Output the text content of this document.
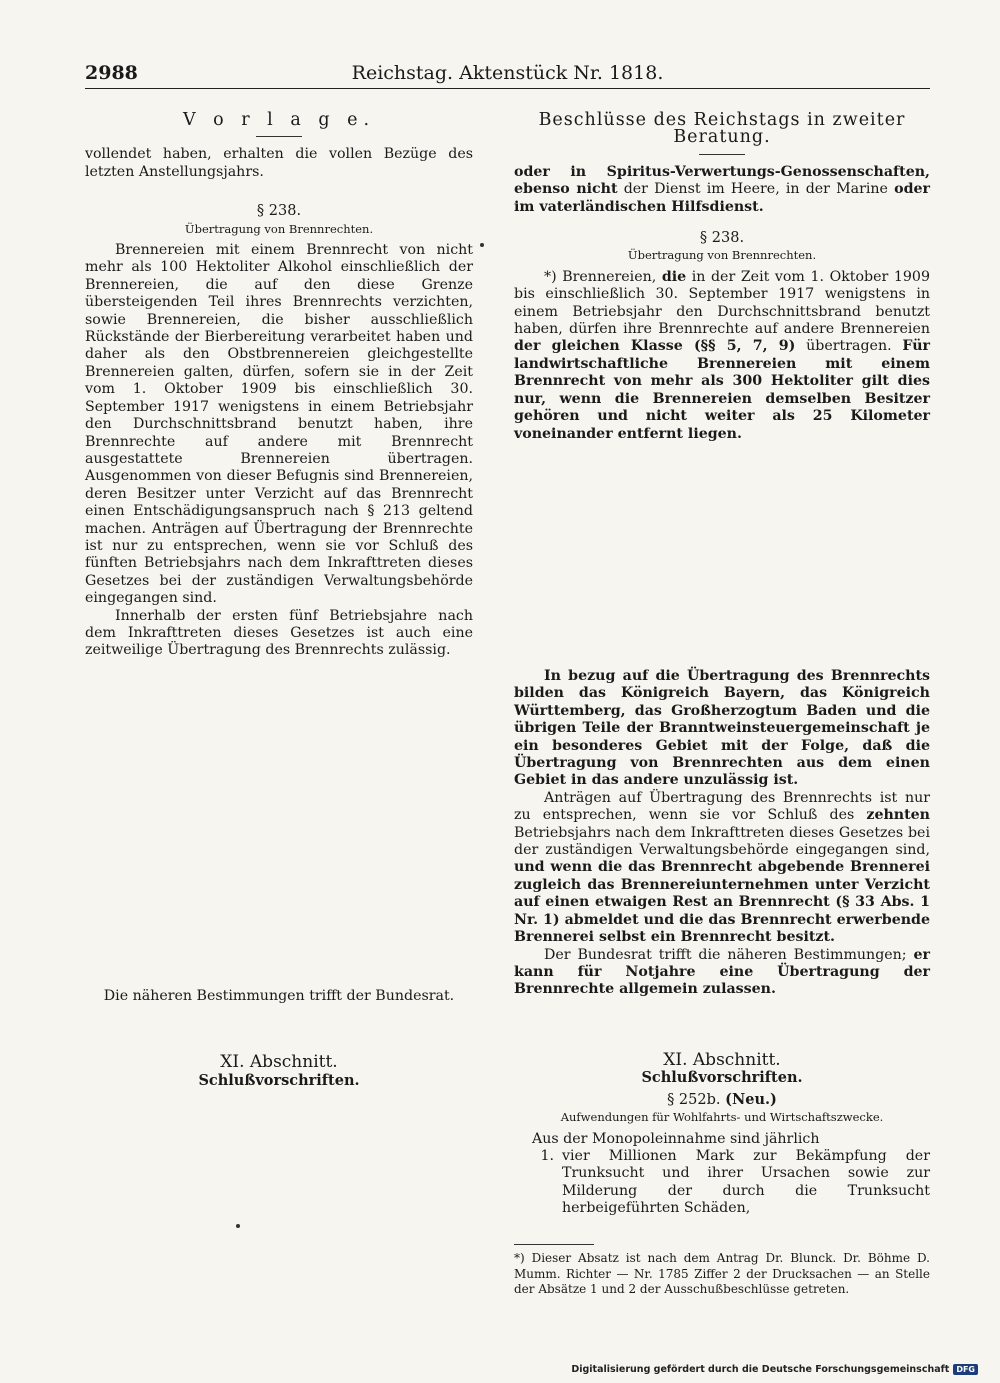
2988	Reichstag. Aktenstück Nr. 1818.

V o r l a g e.

vollendet haben, erhalten die vollen Bezüge des letzten Anstellungsjahrs.

§ 238.

Übertragung von Brennrechten.

Brennereien mit einem Brennrecht von nicht mehr als 100 Hektoliter Alkohol einschließlich der Brennereien, die auf den diese Grenze übersteigenden Teil ihres Brennrechts verzichten, sowie Brennereien, die bisher ausschließlich Rückstände der Bierbereitung verarbeitet haben und daher als den Obstbrennereien gleichgestellte Brennereien galten, dürfen, sofern sie in der Zeit vom 1. Oktober 1909 bis einschließlich 30. September 1917 wenigstens in einem Betriebsjahr den Durchschnittsbrand benutzt haben, ihre Brennrechte auf andere mit Brennrecht ausgestattete Brennereien übertragen. Ausgenommen von dieser Befugnis sind Brennereien, deren Besitzer unter Verzicht auf das Brennrecht einen Entschädigungsanspruch nach § 213 geltend machen. Anträgen auf Übertragung der Brennrechte ist nur zu entsprechen, wenn sie vor Schluß des fünften Betriebsjahrs nach dem Inkrafttreten dieses Gesetzes bei der zuständigen Verwaltungsbehörde eingegangen sind.

Innerhalb der ersten fünf Betriebsjahre nach dem Inkrafttreten dieses Gesetzes ist auch eine zeitweilige Übertragung des Brennrechts zulässig.

Die näheren Bestimmungen trifft der Bundesrat.

XI. Abschnitt.

Schlußvorschriften.

Beschlüsse des Reichstags in zweiter Beratung.

oder in Spiritus-Verwertungs-Genossenschaften, ebenso nicht der Dienst im Heere, in der Marine oder im vaterländischen Hilfsdienst.

§ 238.

Übertragung von Brennrechten.

*) Brennereien, die in der Zeit vom 1. Oktober 1909 bis einschließlich 30. September 1917 wenigstens in einem Betriebsjahr den Durchschnittsbrand benutzt haben, dürfen ihre Brennrechte auf andere Brennereien der gleichen Klasse (§§ 5, 7, 9) übertragen. Für landwirtschaftliche Brennereien mit einem Brennrecht von mehr als 300 Hektoliter gilt dies nur, wenn die Brennereien demselben Besitzer gehören und nicht weiter als 25 Kilometer voneinander entfernt liegen.

In bezug auf die Übertragung des Brennrechts bilden das Königreich Bayern, das Königreich Württemberg, das Großherzogtum Baden und die übrigen Teile der Branntweinsteuergemeinschaft je ein besonderes Gebiet mit der Folge, daß die Übertragung von Brennrechten aus dem einen Gebiet in das andere unzulässig ist.

Anträgen auf Übertragung des Brennrechts ist nur zu entsprechen, wenn sie vor Schluß des zehnten Betriebsjahrs nach dem Inkrafttreten dieses Gesetzes bei der zuständigen Verwaltungsbehörde eingegangen sind, und wenn die das Brennrecht abgebende Brennerei zugleich das Brennereiunternehmen unter Verzicht auf einen etwaigen Rest an Brennrecht (§ 33 Abs. 1 Nr. 1) abmeldet und die das Brennrecht erwerbende Brennerei selbst ein Brennrecht besitzt.

Der Bundesrat trifft die näheren Bestimmungen; er kann für Notjahre eine Übertragung der Brennrechte allgemein zulassen.

XI. Abschnitt.

Schlußvorschriften.

§ 252b. (Neu.)

Aufwendungen für Wohlfahrts- und Wirtschaftszwecke.

Aus der Monopoleinnahme sind jährlich

1. vier Millionen Mark zur Bekämpfung der Trunksucht und ihrer Ursachen sowie zur Milderung der durch die Trunksucht herbeigeführten Schäden,
*) Dieser Absatz ist nach dem Antrag Dr. Blunck. Dr. Böhme D. Mumm. Richter — Nr. 1785 Ziffer 2 der Drucksachen — an Stelle der Absätze 1 und 2 der Ausschußbeschlüsse getreten.
Digitalisierung gefördert durch die Deutsche Forschungsgemeinschaft DFG
